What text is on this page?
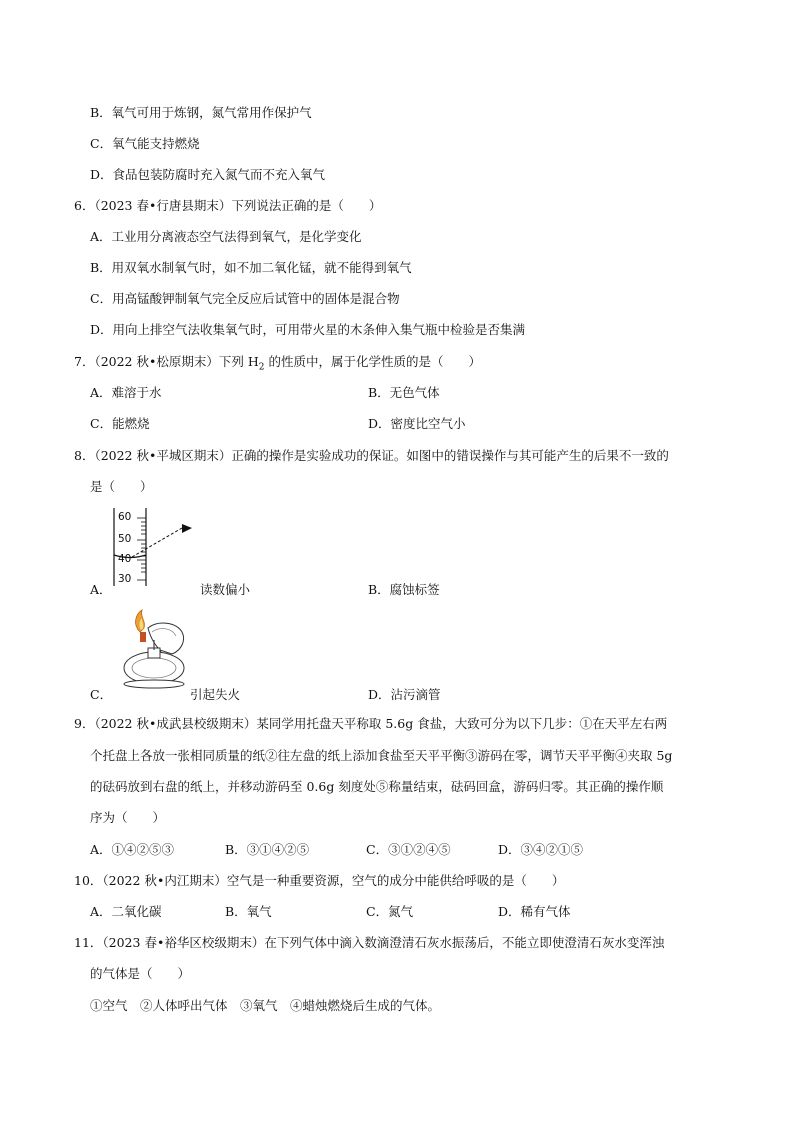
B．氧气可用于炼钢，氮气常用作保护气
C．氧气能支持燃烧
D．食品包装防腐时充入氮气而不充入氧气
6．（2023 春•行唐县期末）下列说法正确的是（　　）
A．工业用分离液态空气法得到氧气，是化学变化
B．用双氧水制氧气时，如不加二氧化锰，就不能得到氧气
C．用高锰酸钾制氧气完全反应后试管中的固体是混合物
D．用向上排空气法收集氧气时，可用带火星的木条伸入集气瓶中检验是否集满
7．（2022 秋•松原期末）下列 $H_2$ 的性质中，属于化学性质的是（　　）
A．难溶于水	B．无色气体
C．能燃烧	D．密度比空气小
8．（2022 秋•平城区期末）正确的操作是实验成功的保证。如图中的错误操作与其可能产生的后果不一致的
是（　　）
60
50
40
30
A．	读数偏小	B．腐蚀标签
C．	引起失火	D．沾污滴管
9．（2022 秋•成武县校级期末）某同学用托盘天平称取 5.6g 食盐，大致可分为以下几步：①在天平左右两
个托盘上各放一张相同质量的纸②往左盘的纸上添加食盐至天平平衡③游码在零，调节天平平衡④夹取 5g
的砝码放到右盘的纸上，并移动游码至 0.6g 刻度处⑤称量结束，砝码回盒，游码归零。其正确的操作顺
序为（　　）
A．①④②⑤③	B．③①④②⑤	C．③①②④⑤	D．③④②①⑤
10．（2022 秋•内江期末）空气是一种重要资源，空气的成分中能供给呼吸的是（　　）
A．二氧化碳	B．氧气	C．氮气	D．稀有气体
11．（2023 春•裕华区校级期末）在下列气体中滴入数滴澄清石灰水振荡后，不能立即使澄清石灰水变浑浊
的气体是（　　）
①空气　②人体呼出气体　③氧气　④蜡烛燃烧后生成的气体。
